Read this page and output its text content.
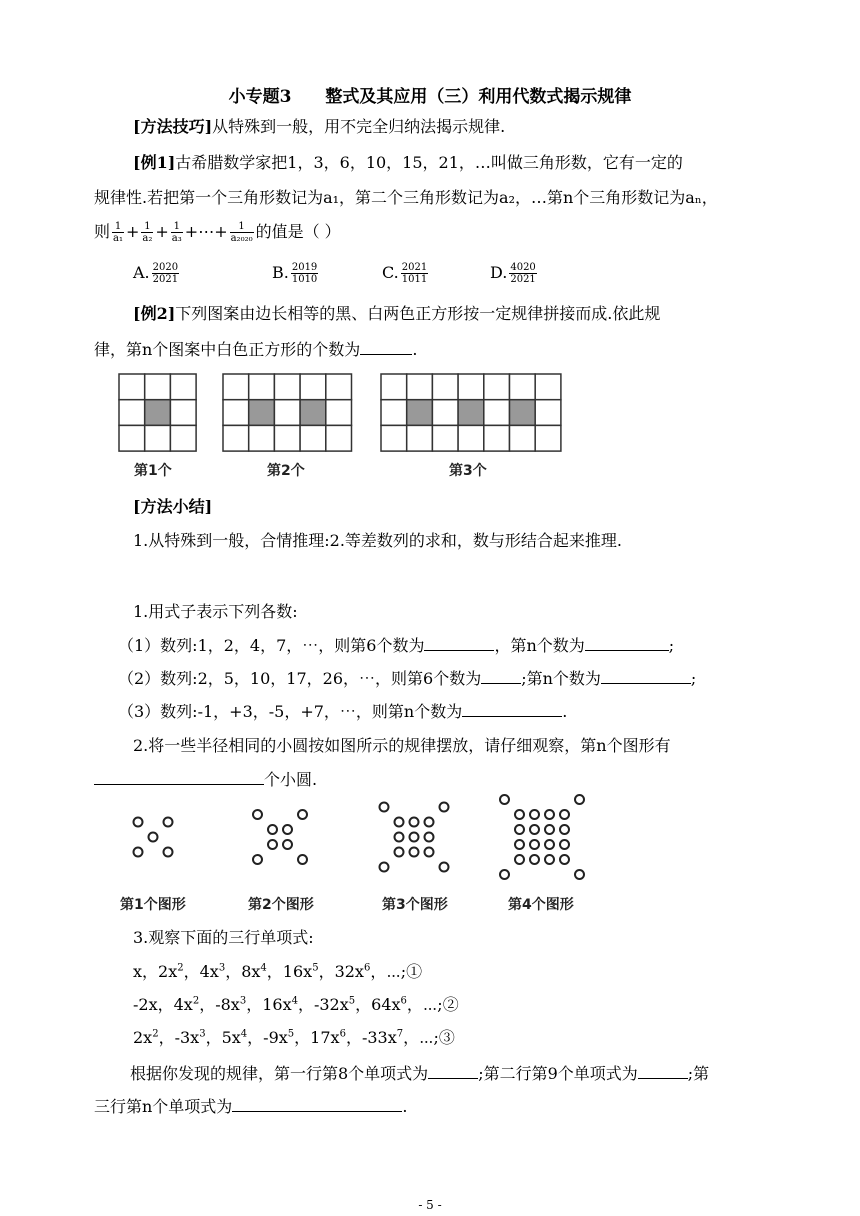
小专题3 整式及其应用（三）利用代数式揭示规律
[方法技巧]从特殊到一般，用不完全归纳法揭示规律.
[例1]古希腊数学家把1，3，6，10，15，21，…叫做三角形数，它有一定的
规律性.若把第一个三角形数记为a₁，第二个三角形数记为a₂，…第n个三角形数记为aₙ，
则 $\frac{1}{\text{a₁}} + \frac{1}{\text{a₂}} + \frac{1}{\text{a₃}}$ +⋯+ $\frac{1}{\text{a₂₀₂₀}}$ 的值是（ ）
A. $\frac{2020}{2021}$	B. $\frac{2019}{1010}$	C. $\frac{2021}{1011}$	D. $\frac{4020}{2021}$
[例2]下列图案由边长相等的黑、白两色正方形按一定规律拼接而成.依此规
律，第n个图案中白色正方形的个数为	.
第1个	第2个	第3个
[方法小结]
1.从特殊到一般，合情推理:2.等差数列的求和，数与形结合起来推理.
1.用式子表示下列各数:
（1）数列:1，2，4，7，⋯，则第6个数为	，第n个数为	;
（2）数列:2，5，10，17，26，⋯，则第6个数为	;第n个数为	;
（3）数列:-1，+3，-5，+7，⋯，则第n个数为	.
2.将一些半径相同的小圆按如图所示的规律摆放，请仔细观察，第n个图形有
个小圆.
第1个图形	第2个图形	第3个图形	第4个图形
3.观察下面的三行单项式:
x，$2x^2$，$4x^3$，$8x^4$，$16x^5$，$32x^6$，⋯;①
-2x，$4x^2$，$-8x^3$，$16x^4$，$-32x^5$，$64x^6$，⋯;②
$2x^2$，$-3x^3$，$5x^4$，$-9x^5$，$17x^6$，$-33x^7$，⋯;③
根据你发现的规律，第一行第8个单项式为	;第二行第9个单项式为	;第
三行第n个单项式为	.
- 5 -
